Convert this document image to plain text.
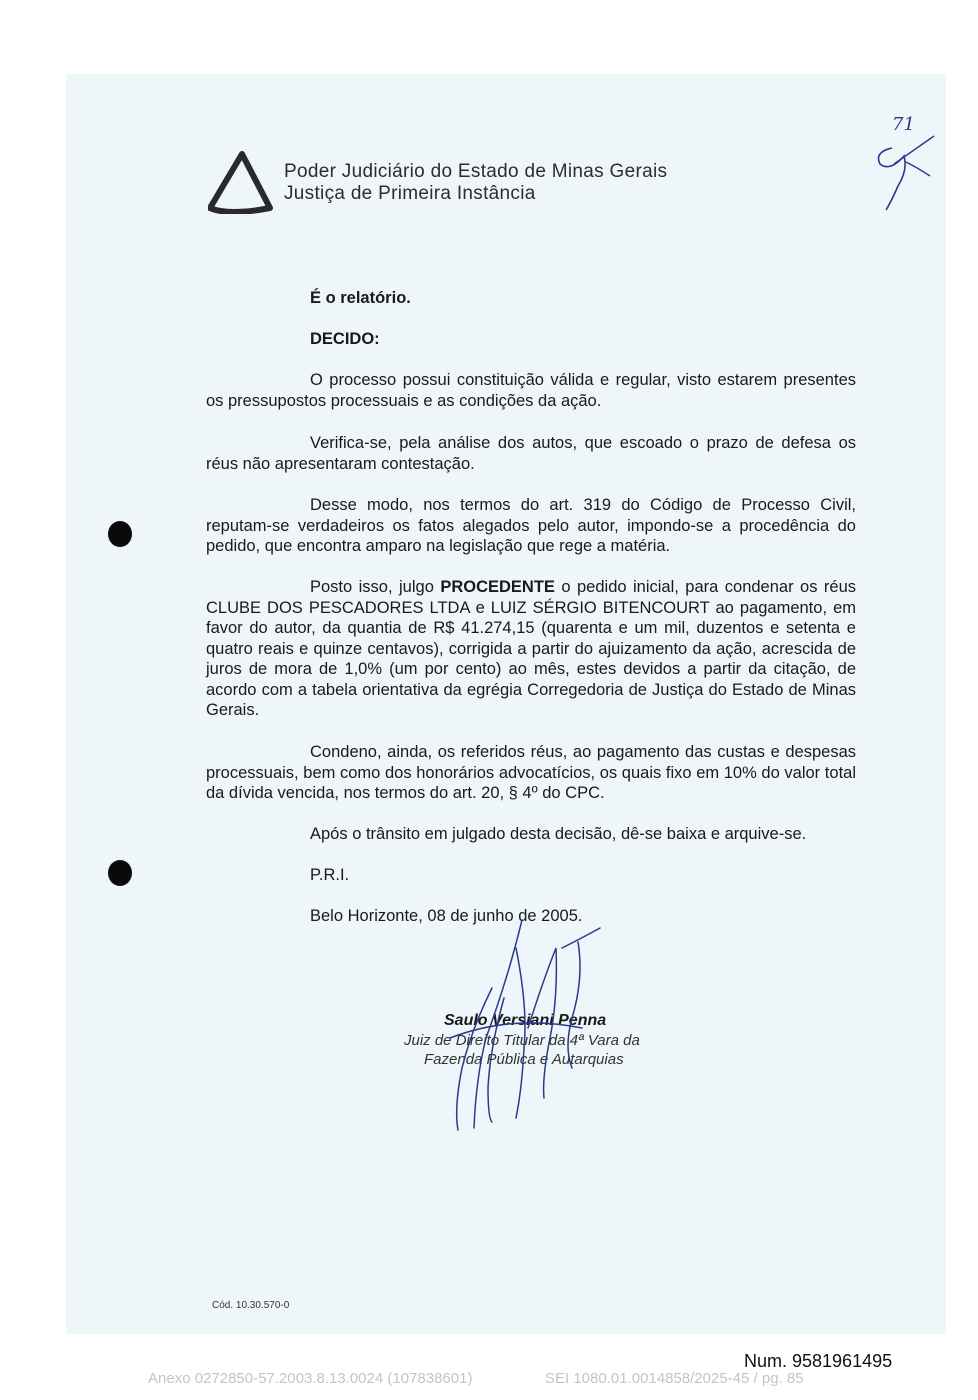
Poder Judiciário do Estado de Minas Gerais
Justiça de Primeira Instância
71
É o relatório.
DECIDO:
O processo possui constituição válida e regular, visto estarem presentes os pressupostos processuais e as condições da ação.
Verifica-se, pela análise dos autos, que escoado o prazo de defesa os réus não apresentaram contestação.
Desse modo, nos termos do art. 319 do Código de Processo Civil, reputam-se verdadeiros os fatos alegados pelo autor, impondo-se a procedência do pedido, que encontra amparo na legislação que rege a matéria.
Posto isso, julgo PROCEDENTE o pedido inicial, para condenar os réus CLUBE DOS PESCADORES LTDA e LUIZ SÉRGIO BITENCOURT ao pagamento, em favor do autor, da quantia de R$ 41.274,15 (quarenta e um mil, duzentos e setenta e quatro reais e quinze centavos), corrigida a partir do ajuizamento da ação, acrescida de juros de mora de 1,0% (um por cento) ao mês, estes devidos a partir da citação, de acordo com a tabela orientativa da egrégia Corregedoria de Justiça do Estado de Minas Gerais.
Condeno, ainda, os referidos réus, ao pagamento das custas e despesas processuais, bem como dos honorários advocatícios, os quais fixo em 10% do valor total da dívida vencida, nos termos do art. 20, § 4º do CPC.
Após o trânsito em julgado desta decisão, dê-se baixa e arquive-se.
P.R.I.
Belo Horizonte, 08 de junho de 2005.
Saulo Versiani Penna
Juiz de Direito Titular da 4ª Vara da
Fazenda Pública e Autarquias
Cód. 10.30.570-0
Num. 9581961495
Anexo 0272850-57.2003.8.13.0024 (107838601)	SEI 1080.01.0014858/2025-45 / pg. 85
